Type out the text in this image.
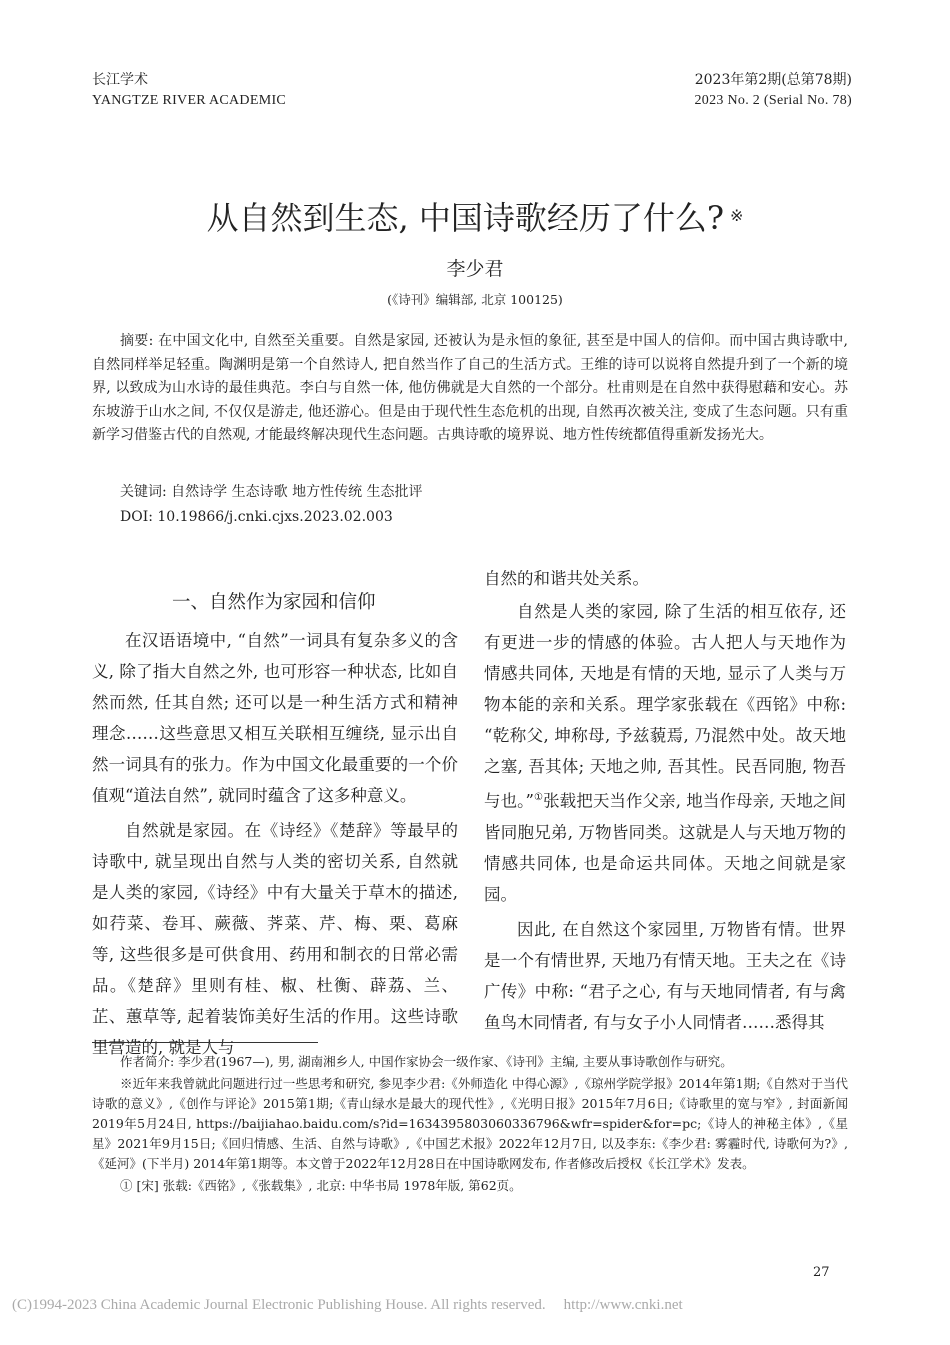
长江学术
YANGTZE RIVER ACADEMIC
2023年第2期(总第78期)
2023 No. 2 (Serial No. 78)
从自然到生态, 中国诗歌经历了什么? ※
李少君
(《诗刊》编辑部, 北京 100125)

摘要: 在中国文化中, 自然至关重要。自然是家园, 还被认为是永恒的象征, 甚至是中国人的信仰。而中国古典诗歌中, 自然同样举足轻重。陶渊明是第一个自然诗人, 把自然当作了自己的生活方式。王维的诗可以说将自然提升到了一个新的境界, 以致成为山水诗的最佳典范。李白与自然一体, 他仿佛就是大自然的一个部分。杜甫则是在自然中获得慰藉和安心。苏东坡游于山水之间, 不仅仅是游走, 他还游心。但是由于现代性生态危机的出现, 自然再次被关注, 变成了生态问题。只有重新学习借鉴古代的自然观, 才能最终解决现代生态问题。古典诗歌的境界说、地方性传统都值得重新发扬光大。

关键词: 自然诗学 生态诗歌 地方性传统 生态批评
DOI: 10.19866/j.cnki.cjxs.2023.02.003
一、自然作为家园和信仰

在汉语语境中, “自然”一词具有复杂多义的含义, 除了指大自然之外, 也可形容一种状态, 比如自然而然, 任其自然; 还可以是一种生活方式和精神理念……这些意思又相互关联相互缠绕, 显示出自然一词具有的张力。作为中国文化最重要的一个价值观“道法自然”, 就同时蕴含了这多种意义。

自然就是家园。在《诗经》《楚辞》等最早的诗歌中, 就呈现出自然与人类的密切关系, 自然就是人类的家园,《诗经》中有大量关于草木的描述, 如荇菜、卷耳、蕨薇、荠菜、芹、梅、栗、葛麻等, 这些很多是可供食用、药用和制衣的日常必需品。《楚辞》里则有桂、椒、杜衡、薜荔、兰、芷、蕙草等, 起着装饰美好生活的作用。这些诗歌里营造的, 就是人与

自然的和谐共处关系。

自然是人类的家园, 除了生活的相互依存, 还有更进一步的情感的体验。古人把人与天地作为情感共同体, 天地是有情的天地, 显示了人类与万物本能的亲和关系。理学家张载在《西铭》中称: “乾称父, 坤称母, 予兹藐焉, 乃混然中处。故天地之塞, 吾其体; 天地之帅, 吾其性。民吾同胞, 物吾与也。”①张载把天当作父亲, 地当作母亲, 天地之间皆同胞兄弟, 万物皆同类。这就是人与天地万物的情感共同体, 也是命运共同体。天地之间就是家园。

因此, 在自然这个家园里, 万物皆有情。世界是一个有情世界, 天地乃有情天地。王夫之在《诗广传》中称: “君子之心, 有与天地同情者, 有与禽鱼鸟木同情者, 有与女子小人同情者……悉得其

作者简介: 李少君(1967—), 男, 湖南湘乡人, 中国作家协会一级作家、《诗刊》主编, 主要从事诗歌创作与研究。

※近年来我曾就此问题进行过一些思考和研究, 参见李少君:《外师造化 中得心源》,《琼州学院学报》2014年第1期;《自然对于当代诗歌的意义》,《创作与评论》2015第1期;《青山绿水是最大的现代性》,《光明日报》2015年7月6日;《诗歌里的宽与窄》, 封面新闻 2019年5月24日, https://baijiahao.baidu.com/s?id=1634395803060336796&wfr=spider&for=pc;《诗人的神秘主体》,《星星》2021年9月15日;《回归情感、生活、自然与诗歌》,《中国艺术报》2022年12月7日, 以及李东:《李少君: 雾霾时代, 诗歌何为?》,《延河》(下半月) 2014年第1期等。本文曾于2022年12月28日在中国诗歌网发布, 作者修改后授权《长江学术》发表。

① [宋] 张载:《西铭》,《张载集》, 北京: 中华书局 1978年版, 第62页。

27
(C)1994-2023 China Academic Journal Electronic Publishing House. All rights reserved. http://www.cnki.net
